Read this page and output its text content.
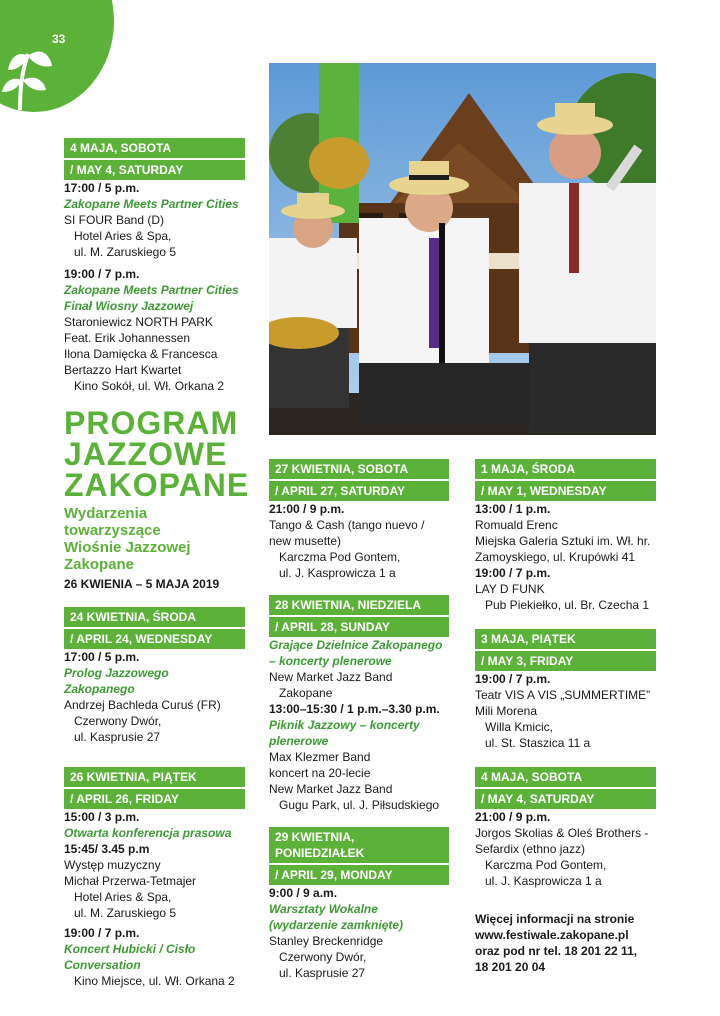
33
4 MAJA, SOBOTA
/ MAY 4, SATURDAY

17:00 / 5 p.m.

Zakopane Meets Partner Cities

SI FOUR Band (D)

Hotel Aries & Spa,

ul. M. Zaruskiego 5

19:00 / 7 p.m.

Zakopane Meets Partner Cities

Finał Wiosny Jazzowej

Staroniewicz NORTH PARK

Feat. Erik Johannessen

Ilona Damięcka & Francesca

Bertazzo Hart Kwartet

Kino Sokół, ul. Wł. Orkana 2

PROGRAM
JAZZOWE
ZAKOPANE
Wydarzenia
towarzyszące
Wiośnie Jazzowej
Zakopane
26 KWIENIA – 5 MAJA 2019
24 KWIETNIA, ŚRODA
/ APRIL 24, WEDNESDAY

17:00 / 5 p.m.

Prolog Jazzowego

Zakopanego

Andrzej Bachleda Curuś (FR)

Czerwony Dwór,

ul. Kasprusie 27

26 KWIETNIA, PIĄTEK
/ APRIL 26, FRIDAY

15:00 / 3 p.m.

Otwarta konferencja prasowa

15:45/ 3.45 p.m

Występ muzyczny

Michał Przerwa-Tetmajer

Hotel Aries & Spa,

ul. M. Zaruskiego 5

19:00 / 7 p.m.

Koncert Hubicki / Cisło

Conversation

Kino Miejsce, ul. Wł. Orkana 2

27 KWIETNIA, SOBOTA
/ APRIL 27, SATURDAY

21:00 / 9 p.m.

Tango & Cash (tango nuevo /

new musette)

Karczma Pod Gontem,

ul. J. Kasprowicza 1 a

28 KWIETNIA, NIEDZIELA
/ APRIL 28, SUNDAY

Grające Dzielnice Zakopanego

– koncerty plenerowe

New Market Jazz Band

Zakopane

13:00–15:30 / 1 p.m.–3.30 p.m.

Piknik Jazzowy – koncerty

plenerowe

Max Klezmer Band

koncert na 20-lecie

New Market Jazz Band

Gugu Park, ul. J. Piłsudskiego

29 KWIETNIA, PONIEDZIAŁEK
/ APRIL 29, MONDAY

9:00 / 9 a.m.

Warsztaty Wokalne

(wydarzenie zamknięte)

Stanley Breckenridge

Czerwony Dwór,

ul. Kasprusie 27

1 MAJA, ŚRODA
/ MAY 1, WEDNESDAY

13:00 / 1 p.m.

Romuald Erenc

Miejska Galeria Sztuki im. Wł. hr.

Zamoyskiego, ul. Krupówki 41

19:00 / 7 p.m.

LAY D FUNK

Pub Piekiełko, ul. Br. Czecha 1

3 MAJA, PIĄTEK
/ MAY 3, FRIDAY

19:00 / 7 p.m.

Teatr VIS A VIS „SUMMERTIME”

Mili Morena

Willa Kmicic,

ul. St. Staszica 11 a

4 MAJA, SOBOTA
/ MAY 4, SATURDAY

21:00 / 9 p.m.

Jorgos Skolias & Oleś Brothers -

Sefardix (ethno jazz)

Karczma Pod Gontem,

ul. J. Kasprowicza 1 a

Więcej informacji na stronie
www.festiwale.zakopane.pl
oraz pod nr tel. 18 201 22 11,
18 201 20 04
